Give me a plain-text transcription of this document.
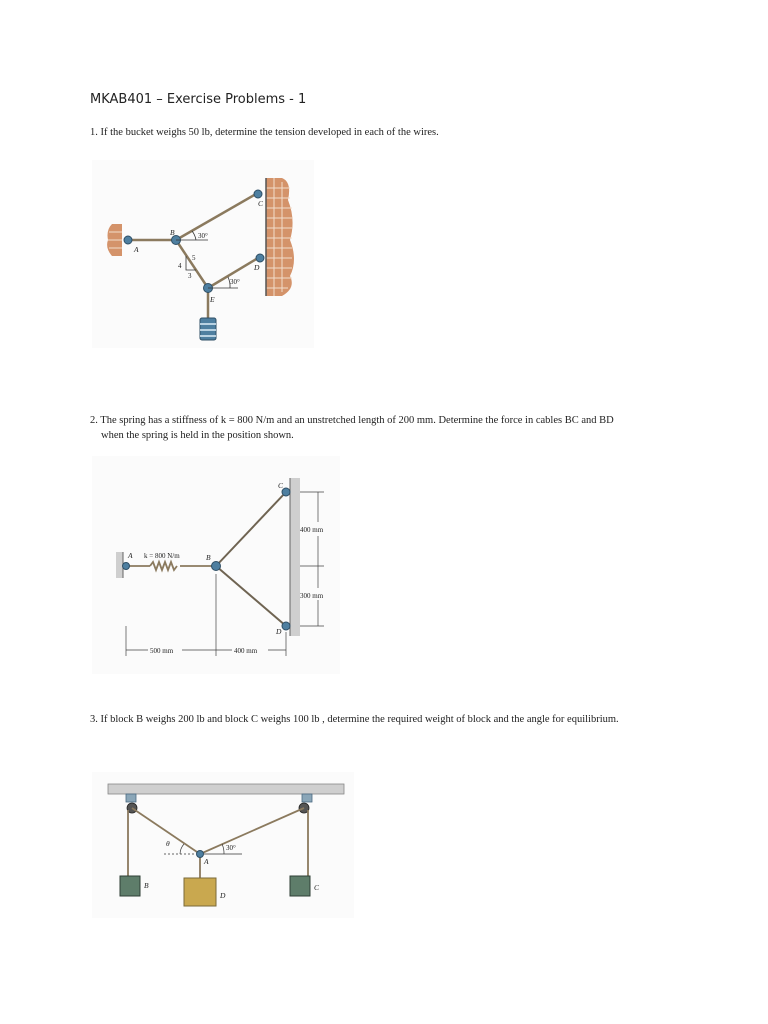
MKAB401 – Exercise Problems - 1
1. If the bucket weighs 50 lb, determine the tension developed in each of the wires.
A
B
C
D
E
30°
30°
4
5
3
2. The spring has a stiffness of k = 800 N/m and an unstretched length of 200 mm. Determine the force in cables BC and BD
when the spring is held in the position shown.
400 mm
300 mm
500 mm	400 mm
k = 800 N/m
A	B
C
D
3. If block B weighs 200 lb and block C weighs 100 lb , determine the required weight of block and the angle for equilibrium.
θ
A
B	C
D
30°
